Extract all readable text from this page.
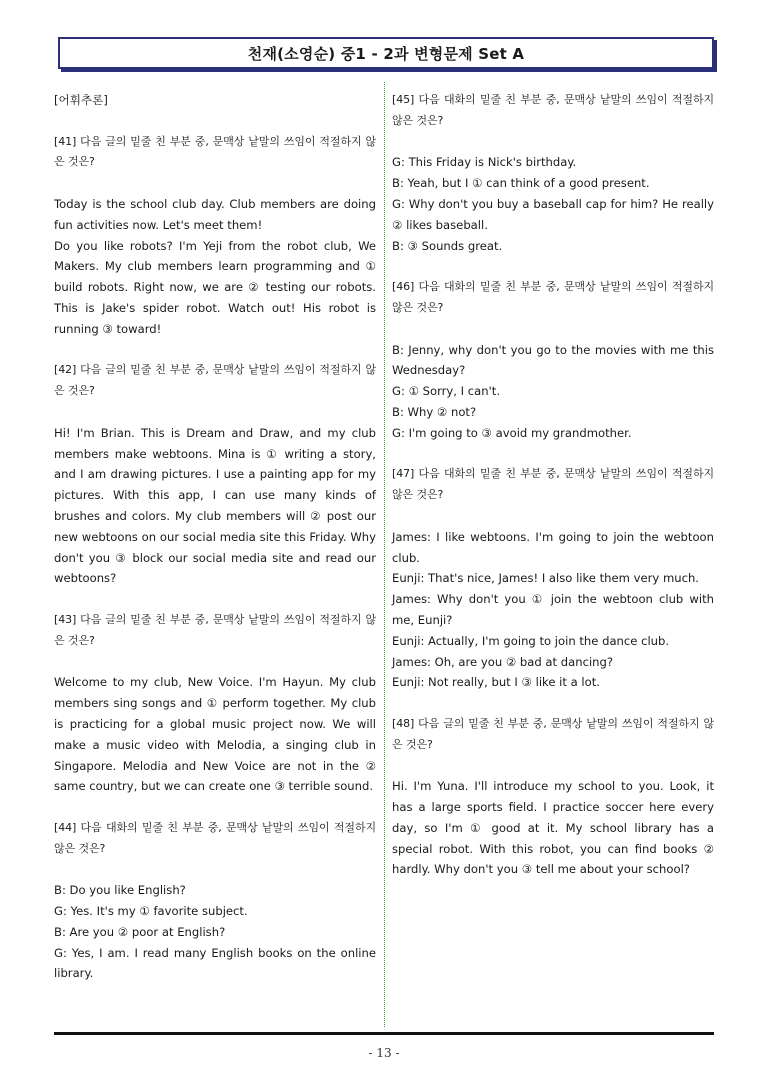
천재(소영순) 중1 - 2과 변형문제 Set A

[어휘추론]

[41] 다음 글의 밑줄 친 부분 중, 문맥상 낱말의 쓰임이 적절하지 않은 것은?

Today is the school club day. Club members are doing fun activities now. Let's meet them!

Do you like robots? I'm Yeji from the robot club, We Makers. My club members learn programming and ① build robots. Right now, we are ② testing our robots. This is Jake's spider robot. Watch out! His robot is running ③ toward!

[42] 다음 글의 밑줄 친 부분 중, 문맥상 낱말의 쓰임이 적절하지 않은 것은?

Hi! I'm Brian. This is Dream and Draw, and my club members make webtoons. Mina is ① writing a story, and I am drawing pictures. I use a painting app for my pictures. With this app, I can use many kinds of brushes and colors. My club members will ② post our new webtoons on our social media site this Friday. Why don't you ③ block our social media site and read our webtoons?

[43] 다음 글의 밑줄 친 부분 중, 문맥상 낱말의 쓰임이 적절하지 않은 것은?

Welcome to my club, New Voice. I'm Hayun. My club members sing songs and ① perform together. My club is practicing for a global music project now. We will make a music video with Melodia, a singing club in Singapore. Melodia and New Voice are not in the ② same country, but we can create one ③ terrible sound.

[44] 다음 대화의 밑줄 친 부분 중, 문맥상 낱말의 쓰임이 적절하지 않은 것은?

B: Do you like English?

G: Yes. It's my ① favorite subject.

B: Are you ② poor at English?

G: Yes, I am. I read many English books on the online library.

[45] 다음 대화의 밑줄 친 부분 중, 문맥상 낱말의 쓰임이 적절하지 않은 것은?

G: This Friday is Nick's birthday.

B: Yeah, but I ① can think of a good present.

G: Why don't you buy a baseball cap for him? He really ② likes baseball.

B: ③ Sounds great.

[46] 다음 대화의 밑줄 친 부분 중, 문맥상 낱말의 쓰임이 적절하지 않은 것은?

B: Jenny, why don't you go to the movies with me this Wednesday?

G: ① Sorry, I can't.

B: Why ② not?

G: I'm going to ③ avoid my grandmother.

[47] 다음 대화의 밑줄 친 부분 중, 문맥상 낱말의 쓰임이 적절하지 않은 것은?

James: I like webtoons. I'm going to join the webtoon club.

Eunji: That's nice, James! I also like them very much.

James: Why don't you ① join the webtoon club with me, Eunji?

Eunji: Actually, I'm going to join the dance club.

James: Oh, are you ② bad at dancing?

Eunji: Not really, but I ③ like it a lot.

[48] 다음 글의 밑줄 친 부분 중, 문맥상 낱말의 쓰임이 적절하지 않은 것은?

Hi. I'm Yuna. I'll introduce my school to you. Look, it has a large sports field. I practice soccer here every day, so I'm ① good at it. My school library has a special robot. With this robot, you can find books ② hardly. Why don't you ③ tell me about your school?

- 13 -
